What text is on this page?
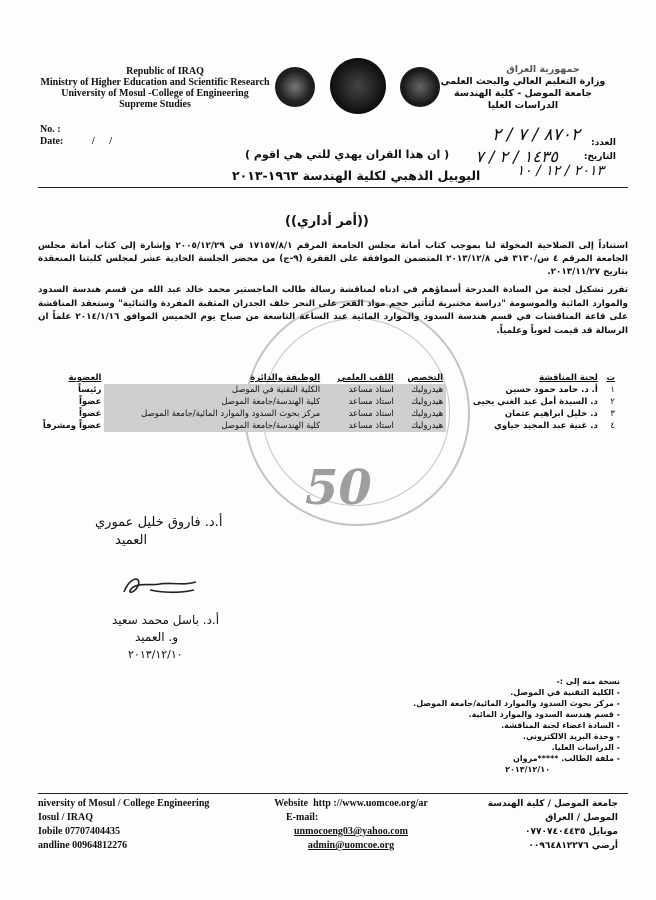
Republic of IRAQ
Ministry of Higher Education and Scientific Research
University of Mosul -College of Engineering
Supreme Studies
No. :
Date:	/ /
جمهورية العراق
وزارة التعليم العالي والبحث العلمي
جامعة الموصل - كلية الهندسة
الدراسات العليا
العدد:
٨٧٠٢ / ٧ / ٢
التاريخ:
١٤٣٥ / ٢ / ٧
٢٠١٣ / ١٢ / ١٠
( ان هذا القران يهدي للتي هي اقوم )
اليوبيل الذهبي لكلية الهندسة ١٩٦٣-٢٠١٣
((أمر أداري))
استناداً إلى الصلاحية المخولة لنا بموجب كتاب أمانة مجلس الجامعة المرقم ١٧١٥٧/٨/١ في ٢٠٠٥/١٢/٢٩ وإشارة إلى كتاب أمانة مجلس الجامعة المرقم ٤ س/٣١٣٠ في ٢٠١٣/١٢/٨ المتضمن الموافقة على الفقرة (٩-ج) من محضر الجلسة الحادية عشر لمجلس كليتنا المنعقدة بتاريخ ٢٠١٣/١١/٢٧.
تقرر تشكيل لجنة من السادة المدرجة أسماؤهم في ادناه لمناقشة رسالة طالب الماجستير محمد خالد عبد الله من قسم هندسة السدود والموارد المائية والموسومة "دراسة مختبرية لتأثير حجم مواد القعر على النحر خلف الجدران المثقبة المفردة والثنائية" وستعقد المناقشة على قاعة المناقشات في قسم هندسة السدود والموارد المائية عند الساعة التاسعة من صباح يوم الخميس الموافق ٢٠١٤/١/١٦ علماً ان الرسالة قد قيمت لغوياً وعلمياً.
50
ت	لجنة المناقشة	التخصص	اللقب العلمي	الوظيفة والدائرة	العضوية
١	أ. د. حامد حمود حسين	هيدروليك	استاذ مساعد	الكلية التقنية في الموصل	رئيساً
٢	د. السيدة أمل عبد الغني يحيى	هيدروليك	استاذ مساعد	كلية الهندسة/جامعة الموصل	عضواً
٣	د. خليل ابراهيم عثمان	هيدروليك	استاذ مساعد	مركز بحوث السدود والموارد المائية/جامعة الموصل	عضواً
٤	د. غنية عبد المجيد حياوي	هيدروليك	استاذ مساعد	كلية الهندسة/جامعة الموصل	عضواً ومشرفاً
أ.د. فاروق خليل عموري
العميد
أ.د. باسل محمد سعيد
و. العميد
٢٠١٣/١٢/١٠
نسخة منه إلى :-
- الكلية التقنية في الموصل.
- مركز بحوث السدود والموارد المائية/جامعة الموصل.
- قسم هندسة السدود والموارد المائية.
- السادة اعضاء لجنة المناقشة.
- وحدة البريد الالكتروني.
- الدراسات العليا.
- ملفة الطالب. *****مروان
٢٠١٣/١٢/١٠
niversity of Mosul / College Engineering
Iosul / IRAQ
Iobile 07707404435
andline 00964812276
Website http ://www.uomcoe.org/ar
E-mail:
unmocoeng03@yahoo.com
admin@uomcoe.org
جامعة الموصل / كلية الهندسة
الموصل / العراق
موبايل ٠٧٧٠٧٤٠٤٤٣٥
أرضي ٠٠٩٦٤٨١٢٢٧٦
